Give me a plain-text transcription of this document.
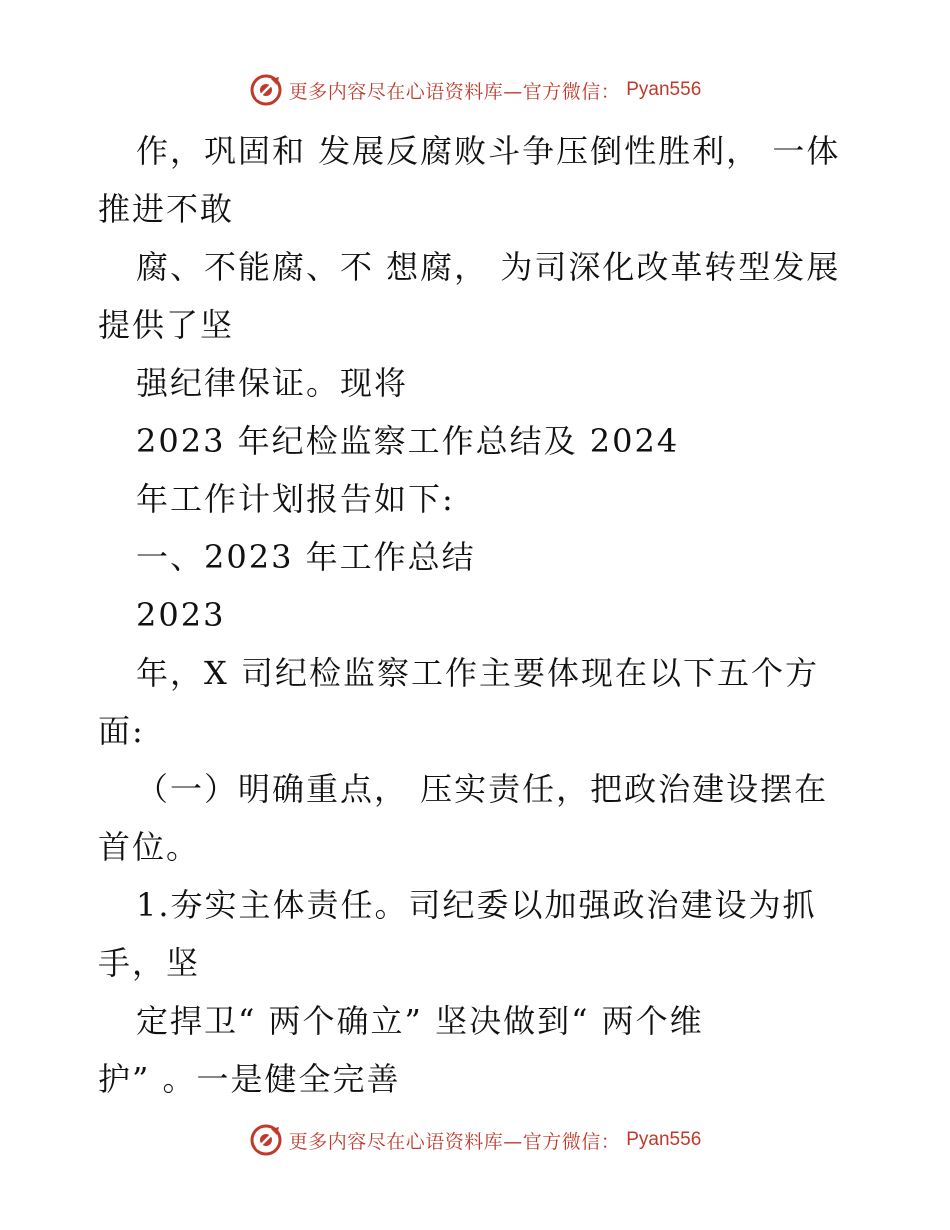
更多内容尽在心语资料库—官方微信： Pyan556
作，巩固和 发展反腐败斗争压倒性胜利， 一体
推进不敢
腐、不能腐、不 想腐， 为司深化改革转型发展
提供了坚
强纪律保证。现将
2023 年纪检监察工作总结及 2024
年工作计划报告如下:
一、2023 年工作总结
2023
年，X 司纪检监察工作主要体现在以下五个方
面:
（一）明确重点， 压实责任，把政治建设摆在
首位。
1.夯实主体责任。司纪委以加强政治建设为抓
手，坚
定捍卫“ 两个确立” 坚决做到“ 两个维
护” 。一是健全完善
更多内容尽在心语资料库—官方微信： Pyan556
